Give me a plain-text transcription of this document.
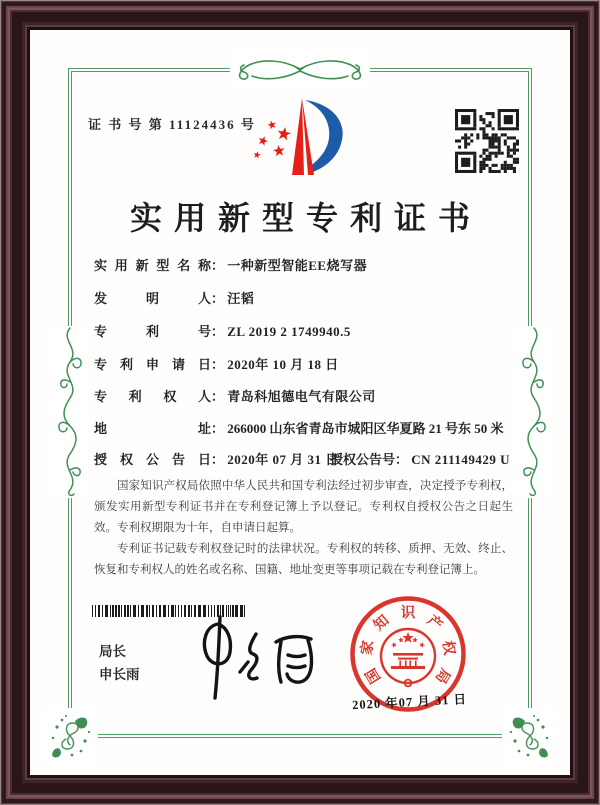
证 书 号 第 11124436 号
实用新型专利证书
实用新型名称： 一种新型智能EE烧写器
发明人： 汪韬
专利号： ZL 2019 2 1749940.5
专利申请日： 2020年 10 月 18 日
专利权人： 青岛科旭德电气有限公司
地址： 266000 山东省青岛市城阳区华夏路 21 号东 50 米
授权公告日： 2020年 07 月 31 日
授权公告号： CN 211149429 U

国家知识产权局依照中华人民共和国专利法经过初步审查，决定授予专利权，颁发实用新型专利证书并在专利登记簿上予以登记。专利权自授权公告之日起生效。专利权期限为十年，自申请日起算。

专利证书记载专利权登记时的法律状况。专利权的转移、质押、无效、终止、恢复和专利权人的姓名或名称、国籍、地址变更等事项记载在专利登记簿上。

局长
申长雨	国
家
知 识 产
权
局
2020 年07 月 31 日
